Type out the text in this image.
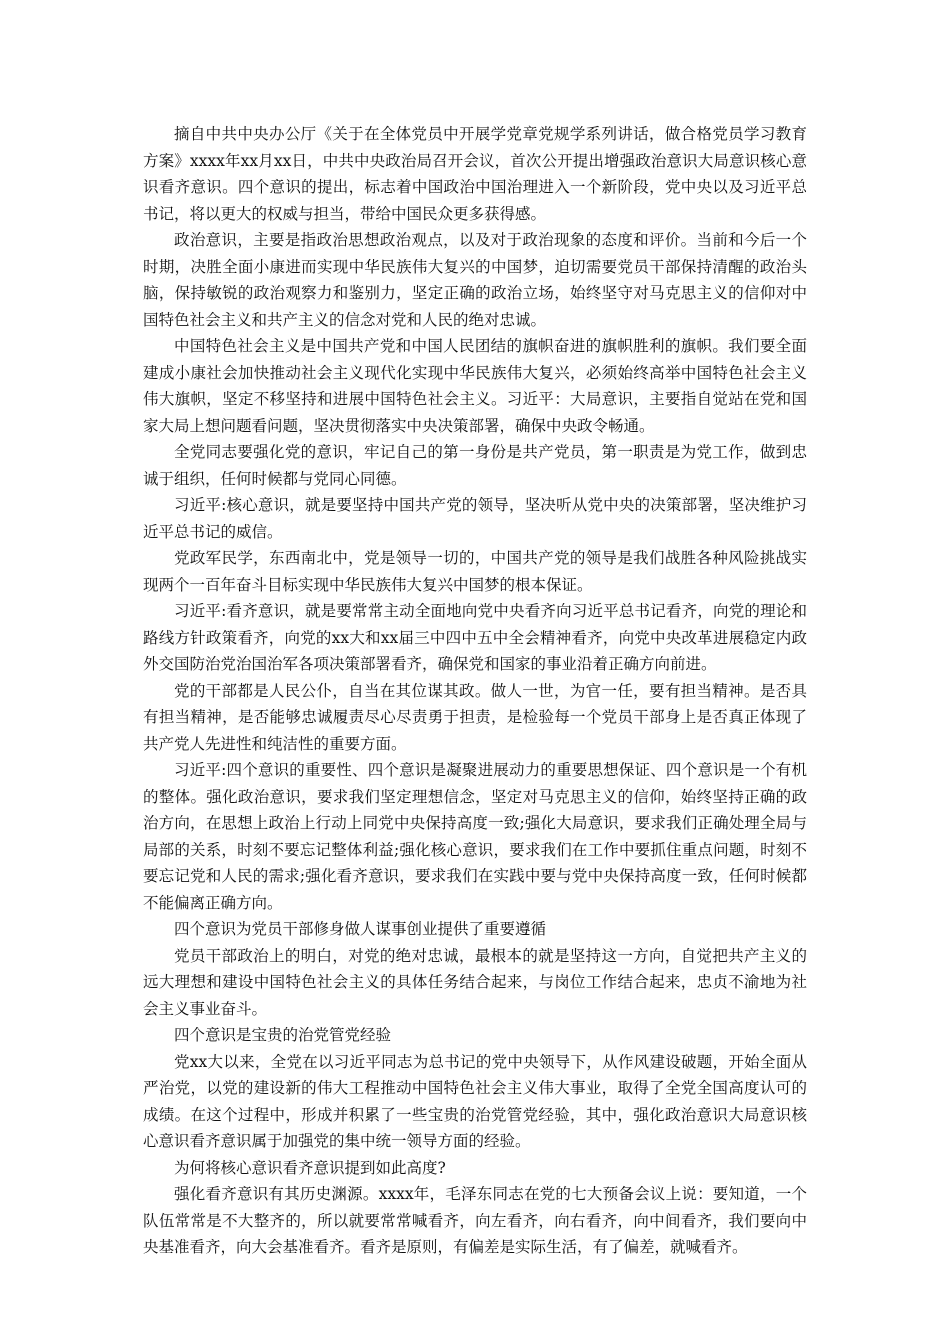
摘自中共中央办公厅《关于在全体党员中开展学党章党规学系列讲话，做合格党员学习教育方案》xxxx年xx月xx日，中共中央政治局召开会议，首次公开提出增强政治意识大局意识核心意识看齐意识。四个意识的提出，标志着中国政治中国治理进入一个新阶段，党中央以及习近平总书记，将以更大的权威与担当，带给中国民众更多获得感。

政治意识，主要是指政治思想政治观点，以及对于政治现象的态度和评价。当前和今后一个时期，决胜全面小康进而实现中华民族伟大复兴的中国梦，迫切需要党员干部保持清醒的政治头脑，保持敏锐的政治观察力和鉴别力，坚定正确的政治立场，始终坚守对马克思主义的信仰对中国特色社会主义和共产主义的信念对党和人民的绝对忠诚。

中国特色社会主义是中国共产党和中国人民团结的旗帜奋进的旗帜胜利的旗帜。我们要全面建成小康社会加快推动社会主义现代化实现中华民族伟大复兴，必须始终高举中国特色社会主义伟大旗帜，坚定不移坚持和进展中国特色社会主义。习近平：大局意识，主要指自觉站在党和国家大局上想问题看问题，坚决贯彻落实中央决策部署，确保中央政令畅通。

全党同志要强化党的意识，牢记自己的第一身份是共产党员，第一职责是为党工作，做到忠诚于组织，任何时候都与党同心同德。

习近平:核心意识，就是要坚持中国共产党的领导，坚决听从党中央的决策部署，坚决维护习近平总书记的威信。

党政军民学，东西南北中，党是领导一切的，中国共产党的领导是我们战胜各种风险挑战实现两个一百年奋斗目标实现中华民族伟大复兴中国梦的根本保证。

习近平:看齐意识，就是要常常主动全面地向党中央看齐向习近平总书记看齐，向党的理论和路线方针政策看齐，向党的xx大和xx届三中四中五中全会精神看齐，向党中央改革进展稳定内政外交国防治党治国治军各项决策部署看齐，确保党和国家的事业沿着正确方向前进。

党的干部都是人民公仆，自当在其位谋其政。做人一世，为官一任，要有担当精神。是否具有担当精神，是否能够忠诚履责尽心尽责勇于担责，是检验每一个党员干部身上是否真正体现了共产党人先进性和纯洁性的重要方面。

习近平:四个意识的重要性、四个意识是凝聚进展动力的重要思想保证、四个意识是一个有机的整体。强化政治意识，要求我们坚定理想信念，坚定对马克思主义的信仰，始终坚持正确的政治方向，在思想上政治上行动上同党中央保持高度一致;强化大局意识，要求我们正确处理全局与局部的关系，时刻不要忘记整体利益;强化核心意识，要求我们在工作中要抓住重点问题，时刻不要忘记党和人民的需求;强化看齐意识，要求我们在实践中要与党中央保持高度一致，任何时候都不能偏离正确方向。

四个意识为党员干部修身做人谋事创业提供了重要遵循

党员干部政治上的明白，对党的绝对忠诚，最根本的就是坚持这一方向，自觉把共产主义的远大理想和建设中国特色社会主义的具体任务结合起来，与岗位工作结合起来，忠贞不渝地为社会主义事业奋斗。

四个意识是宝贵的治党管党经验

党xx大以来，全党在以习近平同志为总书记的党中央领导下，从作风建设破题，开始全面从严治党，以党的建设新的伟大工程推动中国特色社会主义伟大事业，取得了全党全国高度认可的成绩。在这个过程中，形成并积累了一些宝贵的治党管党经验，其中，强化政治意识大局意识核心意识看齐意识属于加强党的集中统一领导方面的经验。

为何将核心意识看齐意识提到如此高度?

强化看齐意识有其历史渊源。xxxx年，毛泽东同志在党的七大预备会议上说：要知道，一个队伍常常是不大整齐的，所以就要常常喊看齐，向左看齐，向右看齐，向中间看齐，我们要向中央基准看齐，向大会基准看齐。看齐是原则，有偏差是实际生活，有了偏差，就喊看齐。
